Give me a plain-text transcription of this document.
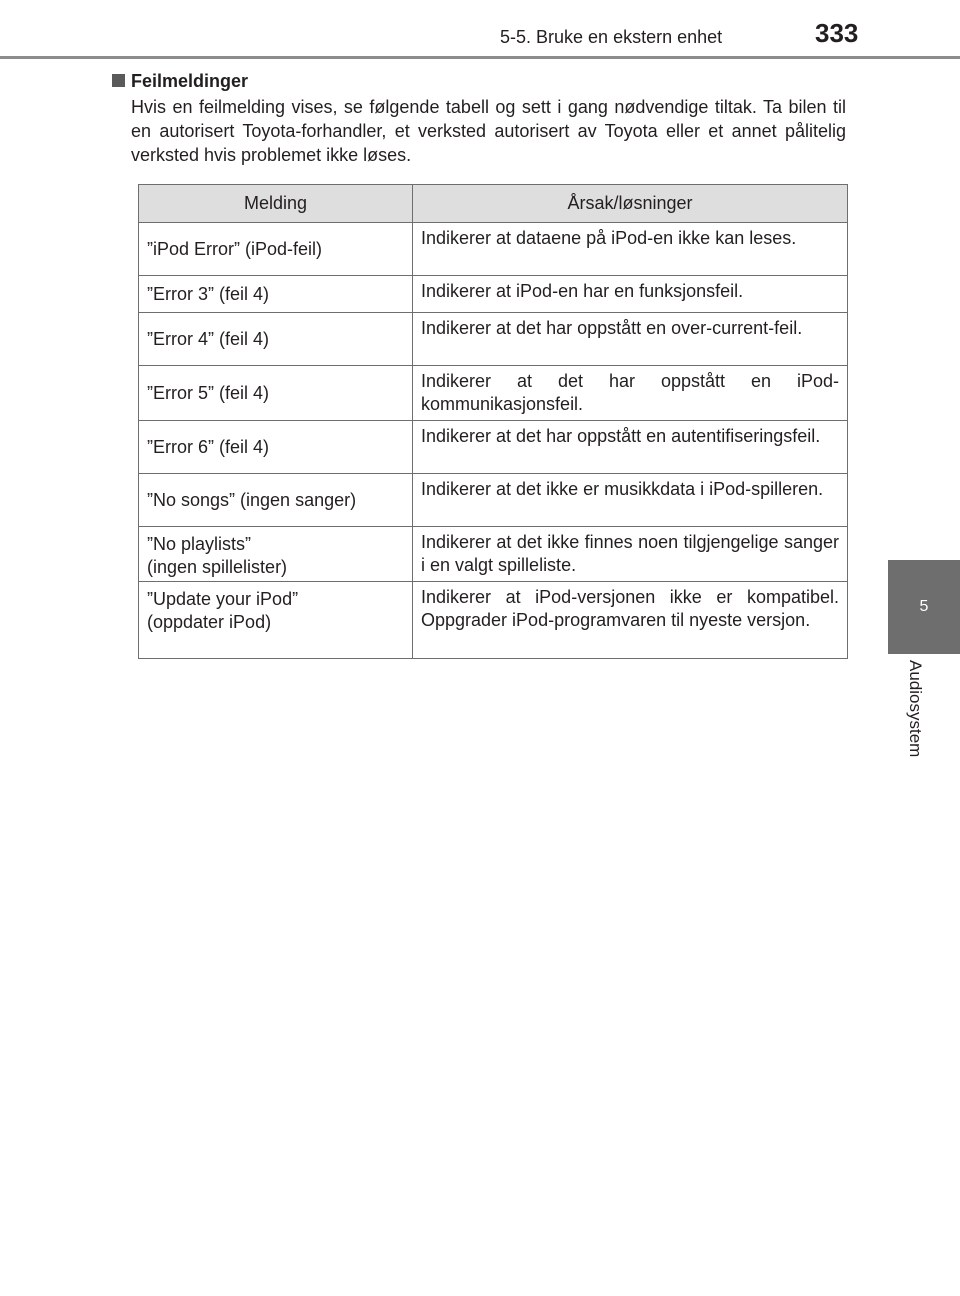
5-5. Bruke en ekstern enhet	333
5
Audiosystem
Feilmeldinger

Hvis en feilmelding vises, se følgende tabell og sett i gang nødvendige tiltak. Ta bilen til en autorisert Toyota-forhandler, et verksted autorisert av Toyota eller et annet pålitelig verksted hvis problemet ikke løses.

Melding	Årsak/løsninger
”iPod Error” (iPod-feil)	Indikerer at dataene på iPod-en ikke kan leses.
”Error 3” (feil 4)	Indikerer at iPod-en har en funksjonsfeil.
”Error 4” (feil 4)	Indikerer at det har oppstått en over-current-feil.
”Error 5” (feil 4)	Indikerer at det har oppstått en iPod-kommunikasjonsfeil.
”Error 6” (feil 4)	Indikerer at det har oppstått en autentifiseringsfeil.
”No songs” (ingen sanger)	Indikerer at det ikke er musikkdata i iPod-spilleren.
”No playlists”
(ingen spillelister)	Indikerer at det ikke finnes noen tilgjengelige sanger i en valgt spilleliste.
”Update your iPod”
(oppdater iPod)	Indikerer at iPod-versjonen ikke er kompatibel. Oppgrader iPod-programvaren til nyeste versjon.
